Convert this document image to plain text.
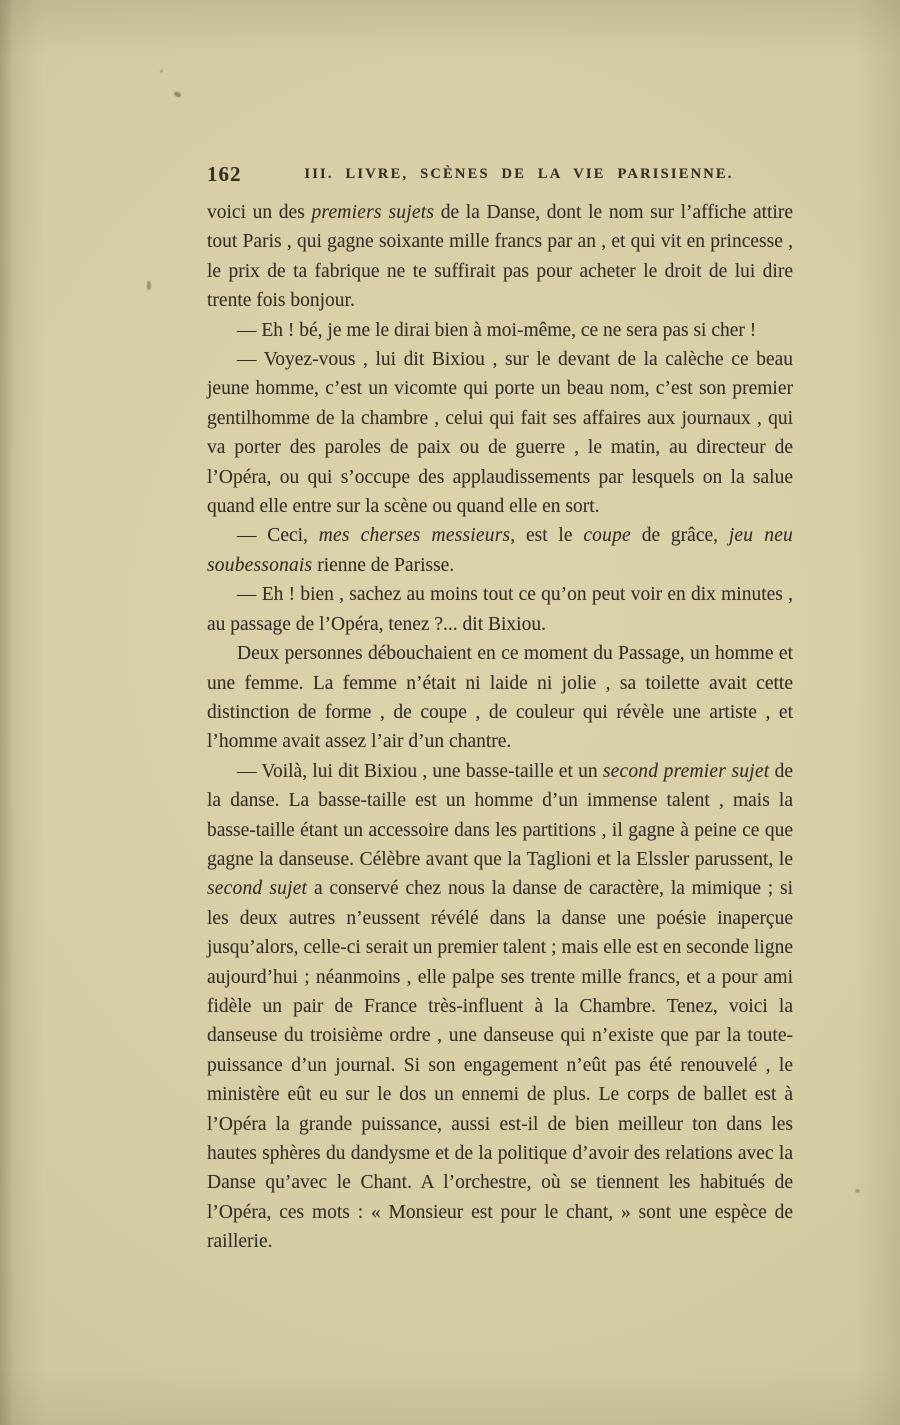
162	III. LIVRE, SCÈNES DE LA VIE PARISIENNE.

voici un des premiers sujets de la Danse, dont le nom sur l’affiche attire tout Paris , qui gagne soixante mille francs par an , et qui vit en princesse , le prix de ta fabrique ne te suffirait pas pour acheter le droit de lui dire trente fois bonjour.

— Eh ! bé, je me le dirai bien à moi-même, ce ne sera pas si cher !

— Voyez-vous , lui dit Bixiou , sur le devant de la calèche ce beau jeune homme, c’est un vicomte qui porte un beau nom, c’est son premier gentilhomme de la chambre , celui qui fait ses affaires aux journaux , qui va porter des paroles de paix ou de guerre , le matin, au directeur de l’Opéra, ou qui s’occupe des applaudissements par lesquels on la salue quand elle entre sur la scène ou quand elle en sort.

— Ceci, mes cherses messieurs, est le coupe de grâce, jeu neu soubessonais rienne de Parisse.

— Eh ! bien , sachez au moins tout ce qu’on peut voir en dix minutes , au passage de l’Opéra, tenez ?... dit Bixiou.

Deux personnes débouchaient en ce moment du Passage, un homme et une femme. La femme n’était ni laide ni jolie , sa toilette avait cette distinction de forme , de coupe , de couleur qui révèle une artiste , et l’homme avait assez l’air d’un chantre.

— Voilà, lui dit Bixiou , une basse-taille et un second premier sujet de la danse. La basse-taille est un homme d’un immense talent , mais la basse-taille étant un accessoire dans les partitions , il gagne à peine ce que gagne la danseuse. Célèbre avant que la Taglioni et la Elssler parussent, le second sujet a conservé chez nous la danse de caractère, la mimique ; si les deux autres n’eussent révélé dans la danse une poésie inaperçue jusqu’alors, celle-ci serait un premier talent ; mais elle est en seconde ligne aujourd’hui ; néanmoins , elle palpe ses trente mille francs, et a pour ami fidèle un pair de France très-influent à la Chambre. Tenez, voici la danseuse du troisième ordre , une danseuse qui n’existe que par la toute-puissance d’un journal. Si son engagement n’eût pas été renouvelé , le ministère eût eu sur le dos un ennemi de plus. Le corps de ballet est à l’Opéra la grande puissance, aussi est-il de bien meilleur ton dans les hautes sphères du dandysme et de la politique d’avoir des relations avec la Danse qu’avec le Chant. A l’orchestre, où se tiennent les habitués de l’Opéra, ces mots : « Monsieur est pour le chant, » sont une espèce de raillerie.
